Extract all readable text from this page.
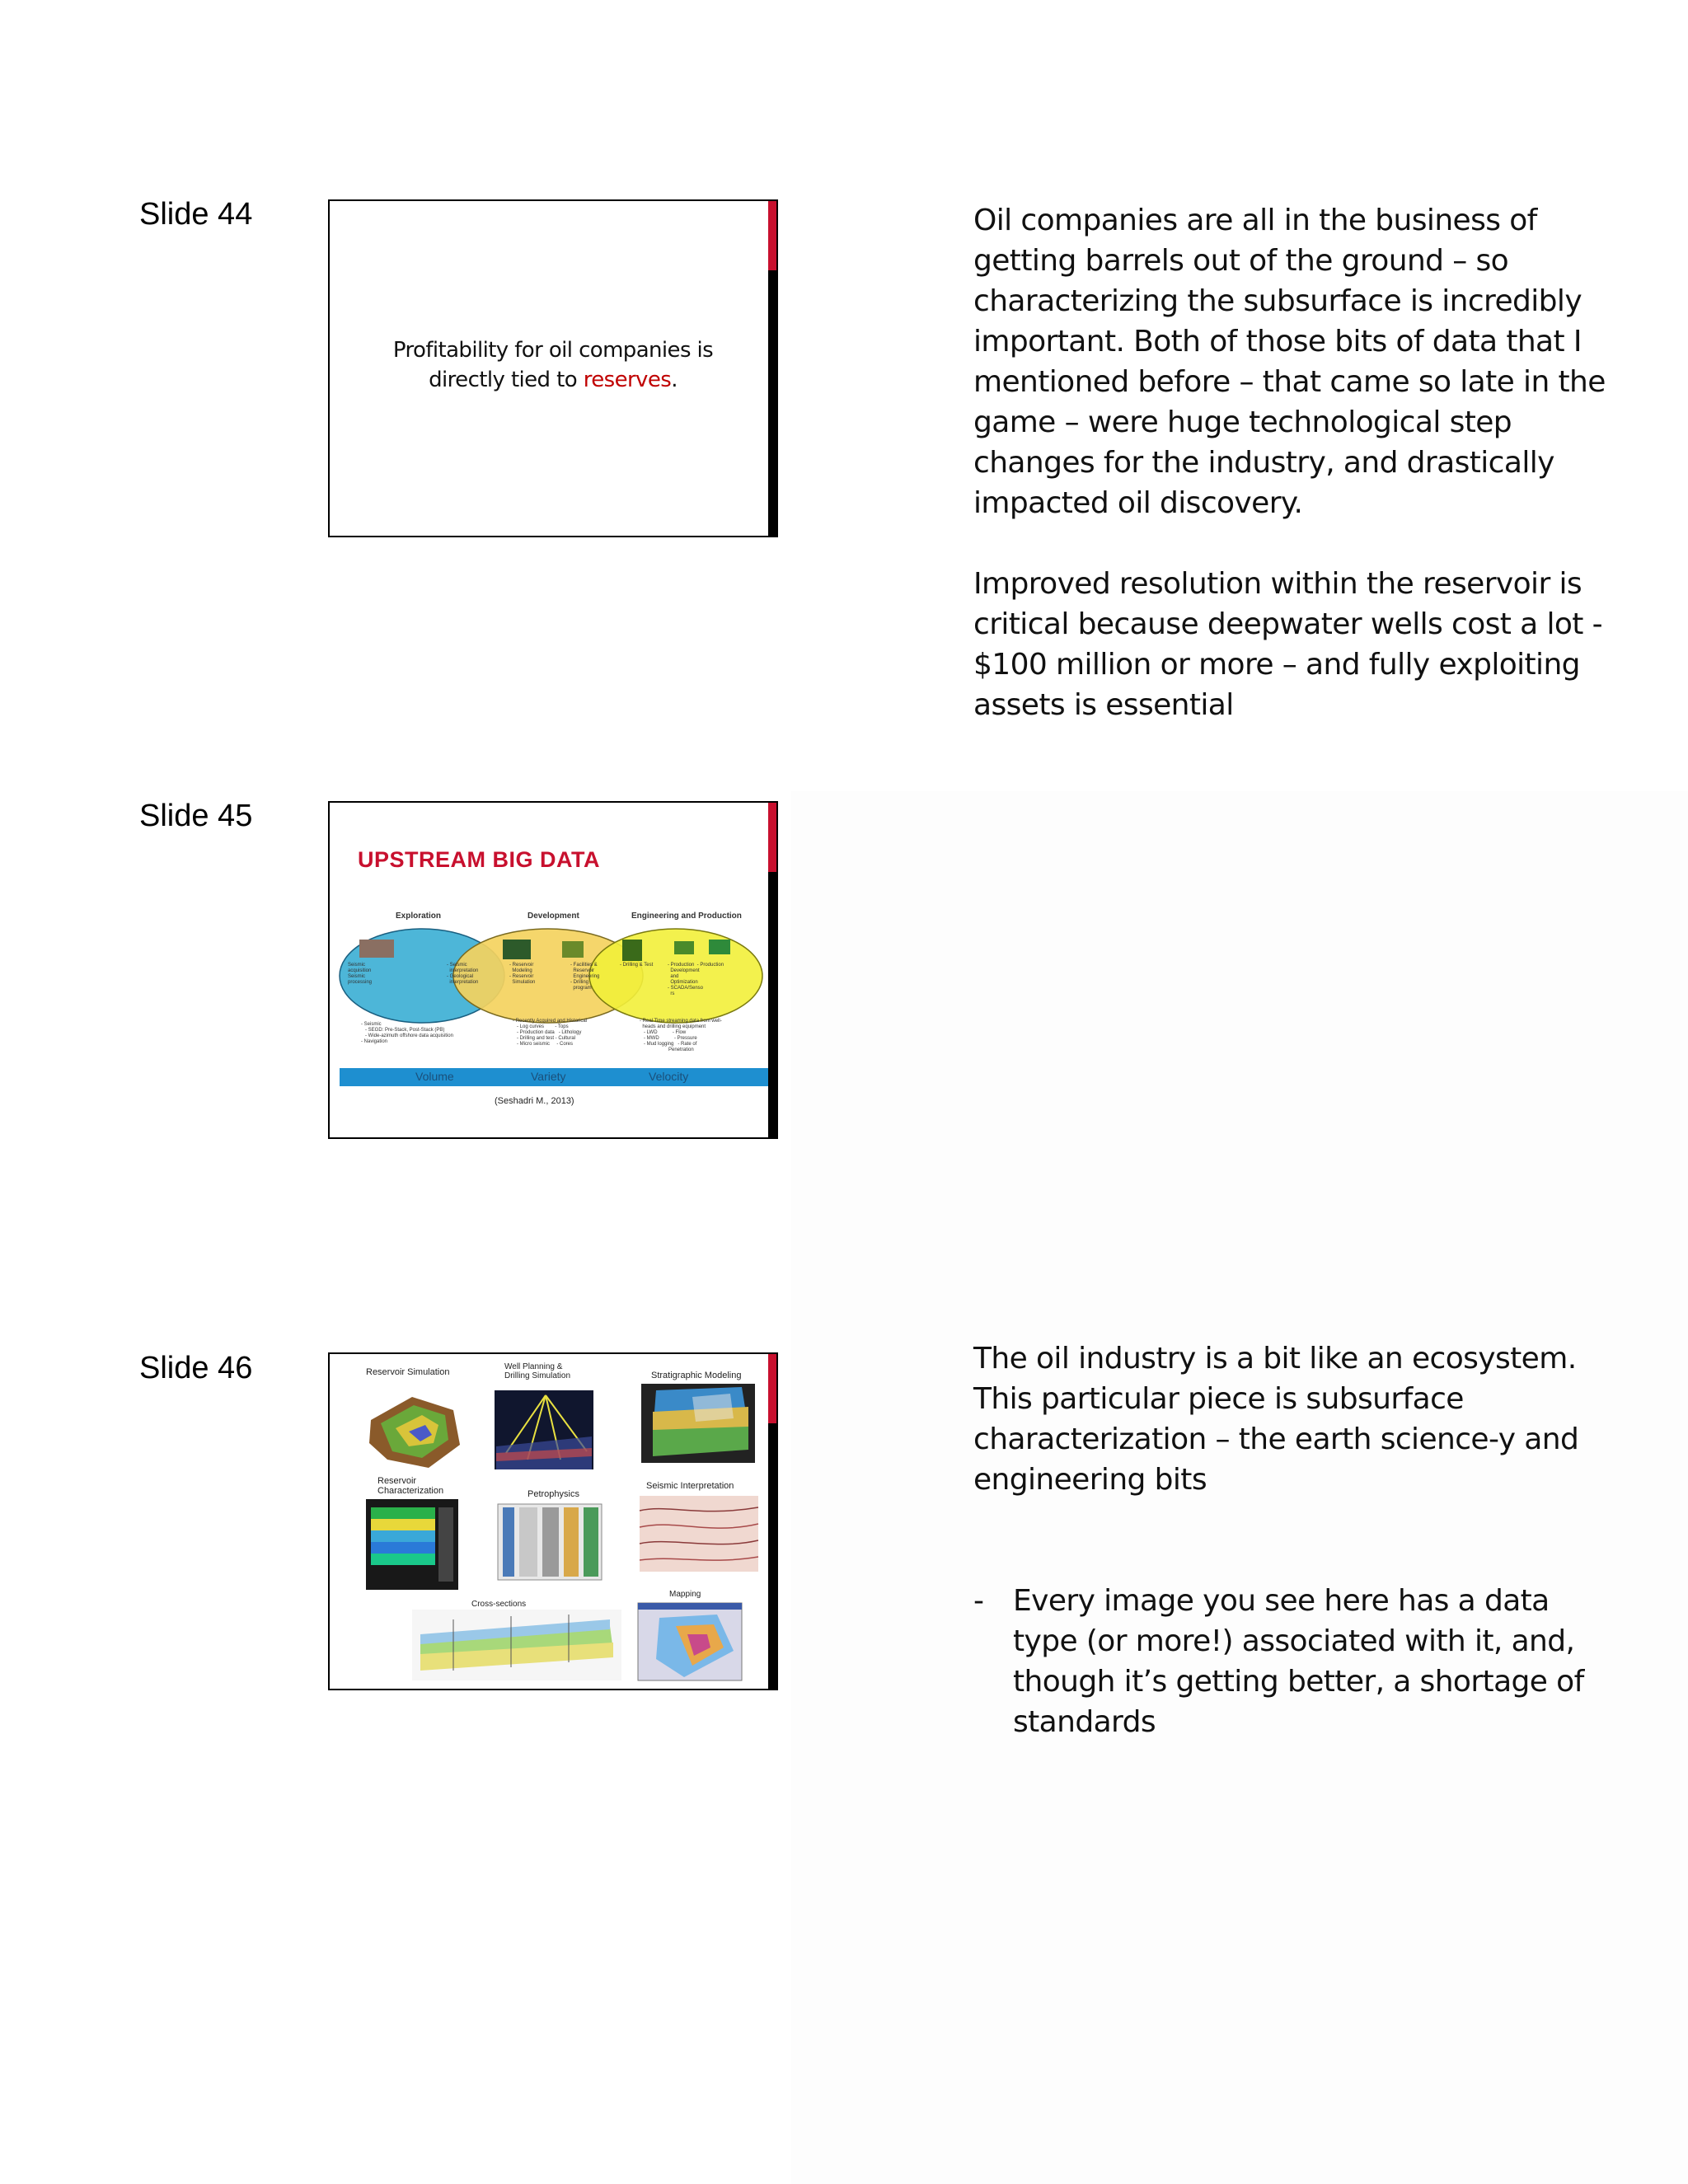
Slide 44
Profitability for oil companies is
directly tied to reserves.

Oil companies are all in the business of getting barrels out of the ground – so characterizing the subsurface is incredibly important. Both of those bits of data that I mentioned before – that came so late in the game – were huge technological step changes for the industry, and drastically impacted oil discovery.

Improved resolution within the reservoir is critical because deepwater wells cost a lot - $100 million or more – and fully exploiting assets is essential

Slide 45
UPSTREAM BIG DATA
Exploration	Development	Engineering and Production
Seismic
acquisition
Seismic
processing
- Seismic
interpretation
- Geological
interpretation
- Reservoir
Modeling
- Reservoir
Simulation
- Facilities &
Reservoir
Engineering
- Drilling
program
- Drilling & Test	- Production  - Production
Development
and
Optimization
- SCADA/Senso
rs
- Seismic
- SEGD: Pre-Stack, Post-Stack (PB)
- Wide-azimuth offshore data acquisition
- Navigation
- Recently Acquired and Historical
- Log curves        - Tops
- Production data   - Lithology
- Drilling and test - Cultural
- Micro seismic     - Cores
- Real Time streaming data from well-
heads and drilling equipment
- LWD           - Flow
- MWD           - Pressure
- Mud logging   - Rate of
Penetration
Volume	Variety	Velocity
(Seshadri M., 2013)
Slide 46	Reservoir Simulation
Well Planning &
Drilling Simulation	Stratigraphic Modeling
Reservoir
Characterization	Petrophysics
Seismic Interpretation
Cross-sections
Mapping

The oil industry is a bit like an ecosystem. This particular piece is subsurface characterization – the earth science-y and engineering bits

- Every image you see here has a data type (or more!) associated with it, and, though it’s getting better, a shortage of standards
